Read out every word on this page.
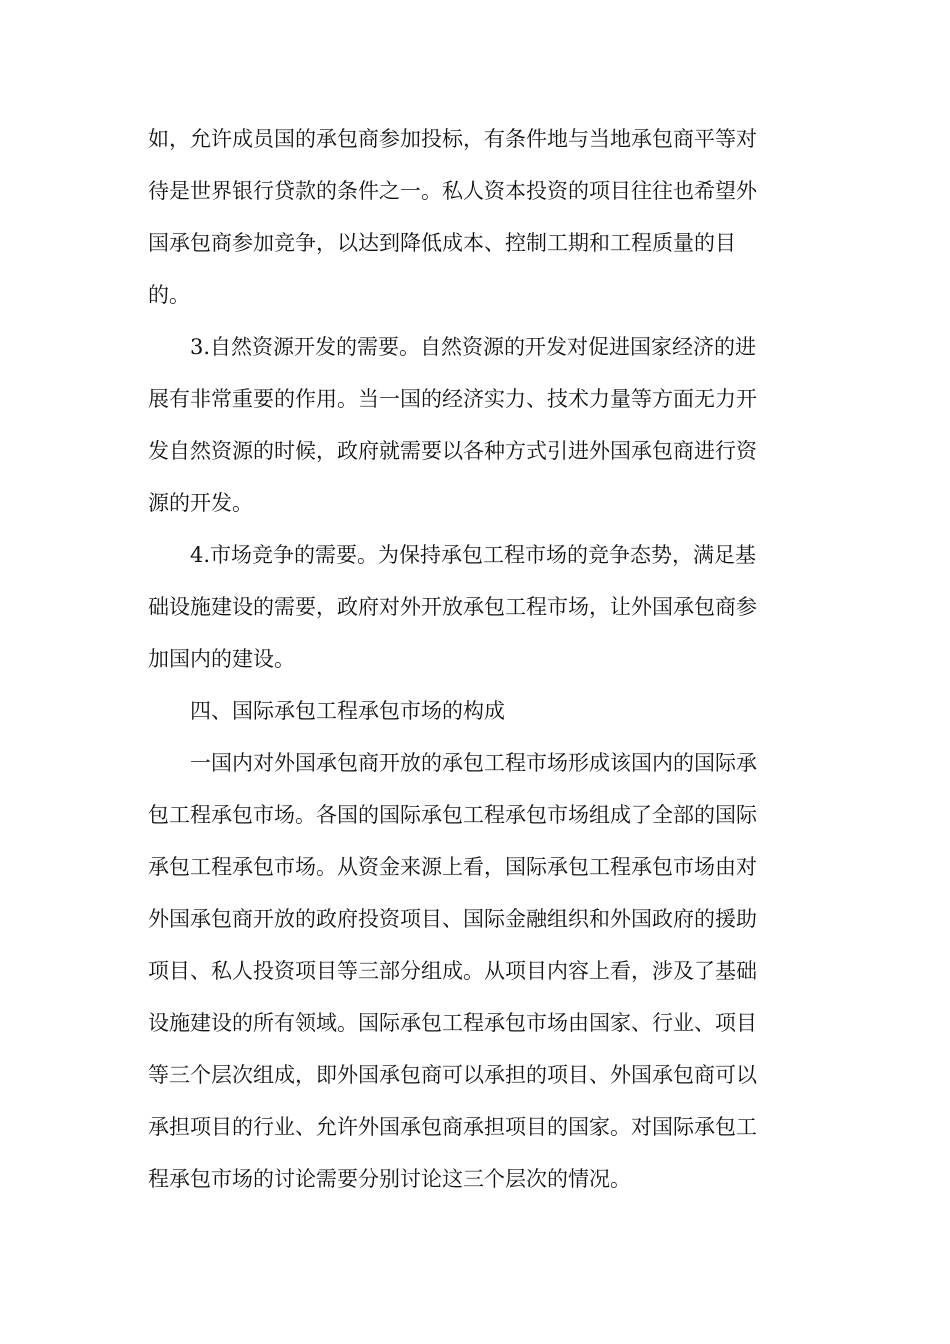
如，允许成员国的承包商参加投标，有条件地与当地承包商平等对
待是世界银行贷款的条件之一。私人资本投资的项目往往也希望外
国承包商参加竞争，以达到降低成本、控制工期和工程质量的目
的。
3.自然资源开发的需要。自然资源的开发对促进国家经济的进
展有非常重要的作用。当一国的经济实力、技术力量等方面无力开
发自然资源的时候，政府就需要以各种方式引进外国承包商进行资
源的开发。
4.市场竞争的需要。为保持承包工程市场的竞争态势，满足基
础设施建设的需要，政府对外开放承包工程市场，让外国承包商参
加国内的建设。
四、国际承包工程承包市场的构成
一国内对外国承包商开放的承包工程市场形成该国内的国际承
包工程承包市场。各国的国际承包工程承包市场组成了全部的国际
承包工程承包市场。从资金来源上看，国际承包工程承包市场由对
外国承包商开放的政府投资项目、国际金融组织和外国政府的援助
项目、私人投资项目等三部分组成。从项目内容上看，涉及了基础
设施建设的所有领域。国际承包工程承包市场由国家、行业、项目
等三个层次组成，即外国承包商可以承担的项目、外国承包商可以
承担项目的行业、允许外国承包商承担项目的国家。对国际承包工
程承包市场的讨论需要分别讨论这三个层次的情况。
